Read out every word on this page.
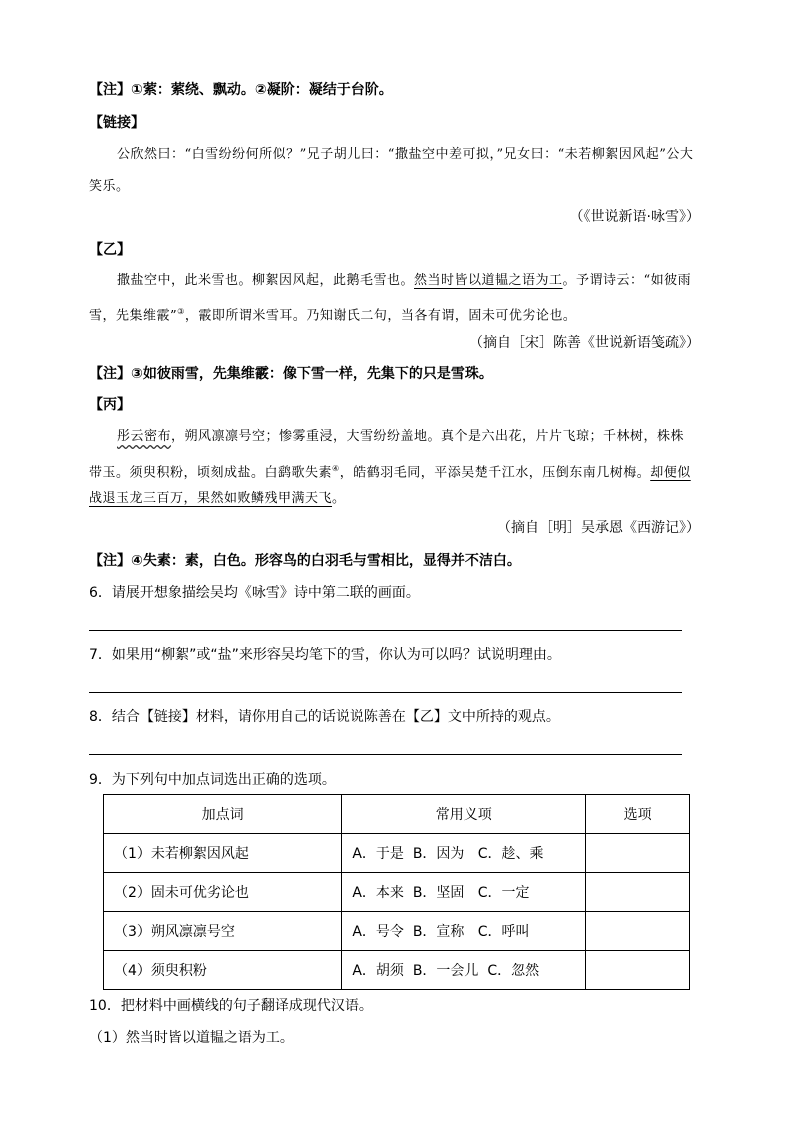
【注】①萦：萦绕、飘动。②凝阶：凝结于台阶。
【链接】
公欣然曰：“白雪纷纷何所似？”兄子胡儿曰：“撒盐空中差可拟，”兄女曰：“未若柳絮因风起”公大
笑乐。
（《世说新语·咏雪》）
【乙】
撒盐空中，此米雪也。柳絮因风起，此鹅毛雪也。然当时皆以道韫之语为工。予谓诗云：“如彼雨
雪，先集维霰”③，霰即所谓米雪耳。乃知谢氏二句，当各有谓，固未可优劣论也。
（摘自［宋］陈善《世说新语笺疏》）
【注】③如彼雨雪，先集维霰：像下雪一样，先集下的只是雪珠。
【丙】
彤云密布，朔风凛凛号空；惨雾重浸，大雪纷纷盖地。真个是六出花，片片飞琼；千林树，株株
带玉。须臾积粉，顷刻成盐。白鹞歌失素④，皓鹤羽毛同，平添吴楚千江水，压倒东南几树梅。却便似
战退玉龙三百万，果然如败鳞残甲满天飞。
（摘自［明］吴承恩《西游记》）
【注】④失素：素，白色。形容鸟的白羽毛与雪相比，显得并不洁白。
6．请展开想象描绘吴均《咏雪》诗中第二联的画面。
7．如果用“柳絮”或“盐”来形容吴均笔下的雪，你认为可以吗？试说明理由。
8．结合【链接】材料，请你用自己的话说说陈善在【乙】文中所持的观点。
9．为下列句中加点词选出正确的选项。
加点词	常用义项	选项
（1）未若柳絮因风起	A．于是  B．因为   C．趁、乘	
（2）固未可优劣论也	A．本来  B．坚固   C．一定	
（3）朔风凛凛号空	A．号令  B．宣称   C．呼叫	
（4）须臾积粉	A．胡须  B．一会儿  C．忽然	
10．把材料中画横线的句子翻译成现代汉语。
（1）然当时皆以道韫之语为工。
